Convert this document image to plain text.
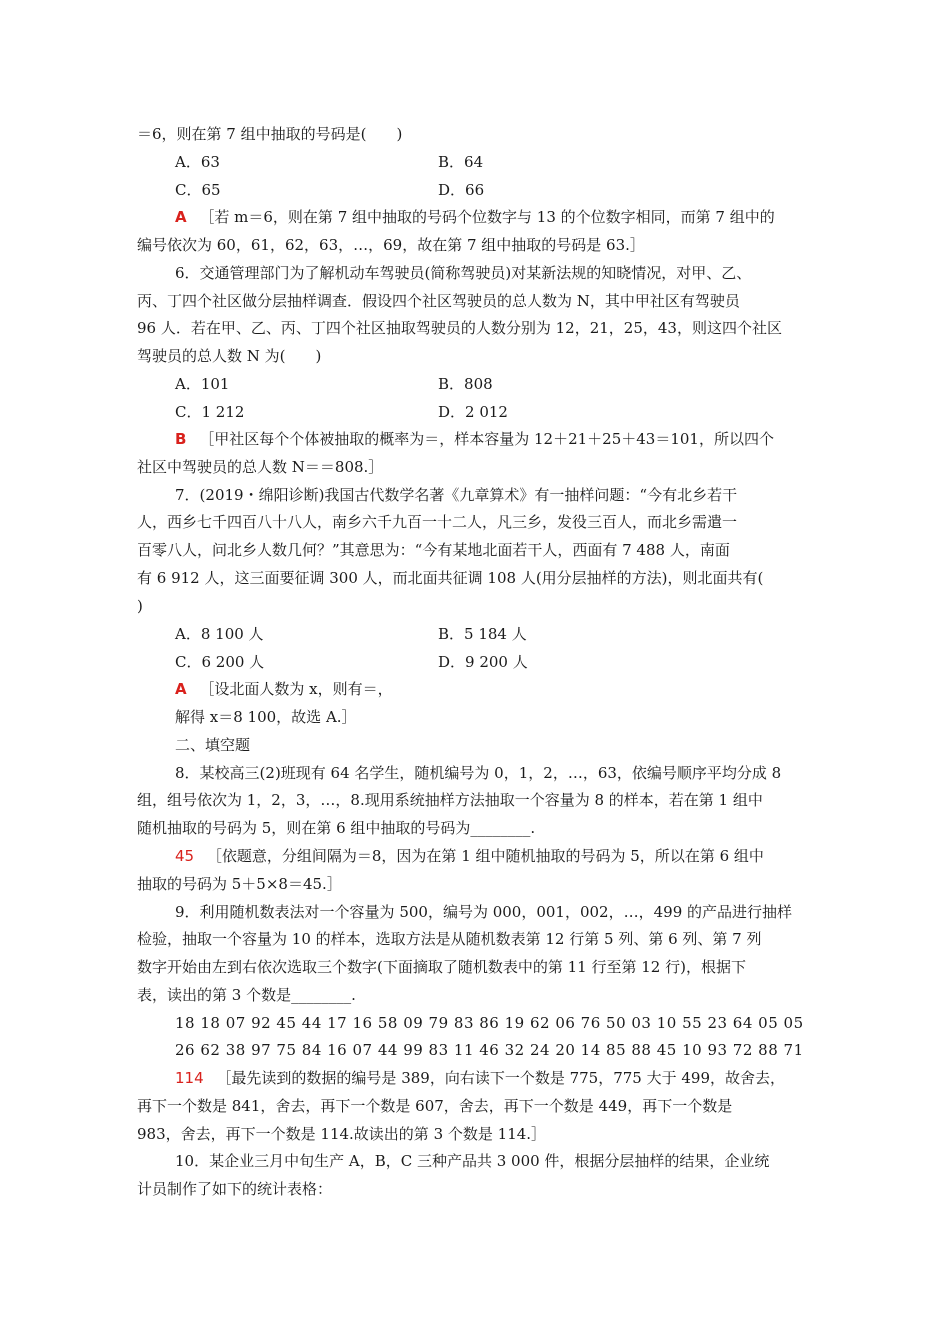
＝6，则在第 7 组中抽取的号码是(　　)
A．63	B．64
C．65	D．66
A ［若 m＝6，则在第 7 组中抽取的号码个位数字与 13 的个位数字相同，而第 7 组中的
编号依次为 60，61，62，63，…，69，故在第 7 组中抽取的号码是 63.］
6．交通管理部门为了解机动车驾驶员(简称驾驶员)对某新法规的知晓情况，对甲、乙、
丙、丁四个社区做分层抽样调查．假设四个社区驾驶员的总人数为 N，其中甲社区有驾驶员
96 人．若在甲、乙、丙、丁四个社区抽取驾驶员的人数分别为 12，21，25，43，则这四个社区
驾驶员的总人数 N 为(　　)
A．101	B．808
C．1 212	D．2 012
B ［甲社区每个个体被抽取的概率为＝，样本容量为 12＋21＋25＋43＝101，所以四个
社区中驾驶员的总人数 N＝＝808.］
7．(2019・绵阳诊断)我国古代数学名著《九章算术》有一抽样问题：“今有北乡若干
人，西乡七千四百八十八人，南乡六千九百一十二人，凡三乡，发役三百人，而北乡需遣一
百零八人，问北乡人数几何？”其意思为：“今有某地北面若干人，西面有 7 488 人，南面
有 6 912 人，这三面要征调 300 人，而北面共征调 108 人(用分层抽样的方法)，则北面共有(
)
A．8 100 人	B．5 184 人
C．6 200 人	D．9 200 人
A ［设北面人数为 x，则有＝，
解得 x＝8 100，故选 A.］
二、填空题
8．某校高三(2)班现有 64 名学生，随机编号为 0，1，2，…，63，依编号顺序平均分成 8
组，组号依次为 1，2，3，…，8.现用系统抽样方法抽取一个容量为 8 的样本，若在第 1 组中
随机抽取的号码为 5，则在第 6 组中抽取的号码为________.
45 ［依题意，分组间隔为＝8，因为在第 1 组中随机抽取的号码为 5，所以在第 6 组中
抽取的号码为 5＋5×8＝45.］
9．利用随机数表法对一个容量为 500，编号为 000，001，002，…，499 的产品进行抽样
检验，抽取一个容量为 10 的样本，选取方法是从随机数表第 12 行第 5 列、第 6 列、第 7 列
数字开始由左到右依次选取三个数字(下面摘取了随机数表中的第 11 行至第 12 行)，根据下
表，读出的第 3 个数是________.
18 18 07 92 45 44 17 16 58 09 79 83 86 19 62 06 76 50 03 10 55 23 64 05 05
26 62 38 97 75 84 16 07 44 99 83 11 46 32 24 20 14 85 88 45 10 93 72 88 71
114 ［最先读到的数据的编号是 389，向右读下一个数是 775，775 大于 499，故舍去，
再下一个数是 841，舍去，再下一个数是 607，舍去，再下一个数是 449，再下一个数是
983，舍去，再下一个数是 114.故读出的第 3 个数是 114.］
10．某企业三月中旬生产 A，B，C 三种产品共 3 000 件，根据分层抽样的结果，企业统
计员制作了如下的统计表格：
